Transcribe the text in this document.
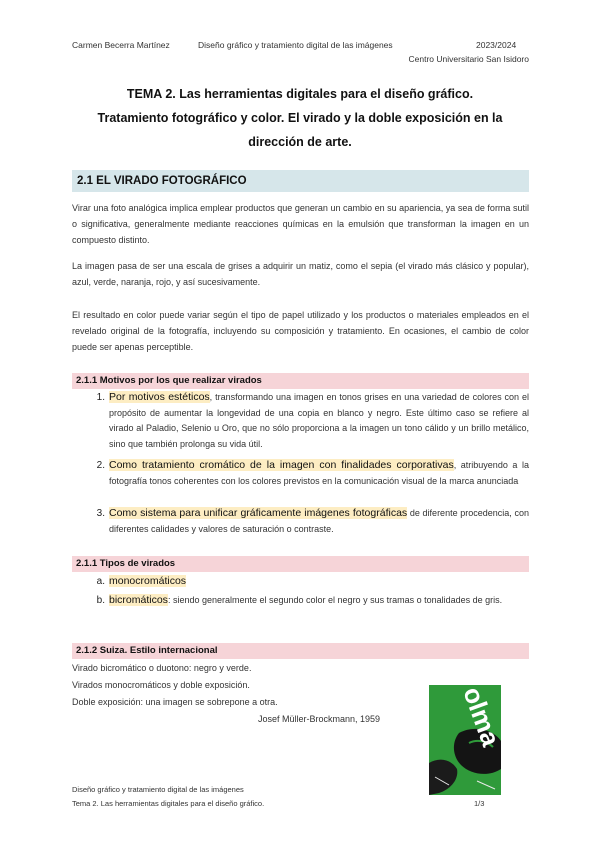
Carmen Becerra Martínez	Diseño gráfico y tratamiento digital de las imágenes	2023/2024
Centro Universitario San Isidoro
TEMA 2. Las herramientas digitales para el diseño gráfico.
Tratamiento fotográfico y color. El virado y la doble exposición en la
dirección de arte.
2.1 EL VIRADO FOTOGRÁFICO
Virar una foto analógica implica emplear productos que generan un cambio en su apariencia, ya sea de forma sutil o significativa, generalmente mediante reacciones químicas en la emulsión que transforman la imagen en un compuesto distinto.
La imagen pasa de ser una escala de grises a adquirir un matiz, como el sepia (el virado más clásico y popular), azul, verde, naranja, rojo, y así sucesivamente.
El resultado en color puede variar según el tipo de papel utilizado y los productos o materiales empleados en el revelado original de la fotografía, incluyendo su composición y tratamiento. En ocasiones, el cambio de color puede ser apenas perceptible.
2.1.1 Motivos por los que realizar virados
1. Por motivos estéticos, transformando una imagen en tonos grises en una variedad de colores con el propósito de aumentar la longevidad de una copia en blanco y negro. Este último caso se refiere al virado al Paladio, Selenio u Oro, que no sólo proporciona a la imagen un tono cálido y un brillo metálico, sino que también prolonga su vida útil.
2. Como tratamiento cromático de la imagen con finalidades corporativas, atribuyendo a la fotografía tonos coherentes con los colores previstos en la comunicación visual de la marca anunciada
3. Como sistema para unificar gráficamente imágenes fotográficas de diferente procedencia, con diferentes calidades y valores de saturación o contraste.
2.1.1 Tipos de virados
a. monocromáticos
b. bicromáticos: siendo generalmente el segundo color el negro y sus tramas o tonalidades de gris.
2.1.2 Suiza. Estilo internacional
Virado bicromático o duotono: negro y verde.
Virados monocromáticos y doble exposición.
Doble exposición: una imagen se sobrepone a otra.
Josef Müller-Brockmann, 1959	olma
Diseño gráfico y tratamiento digital de las imágenes
Tema 2. Las herramientas digitales para el diseño gráfico.	1/3
